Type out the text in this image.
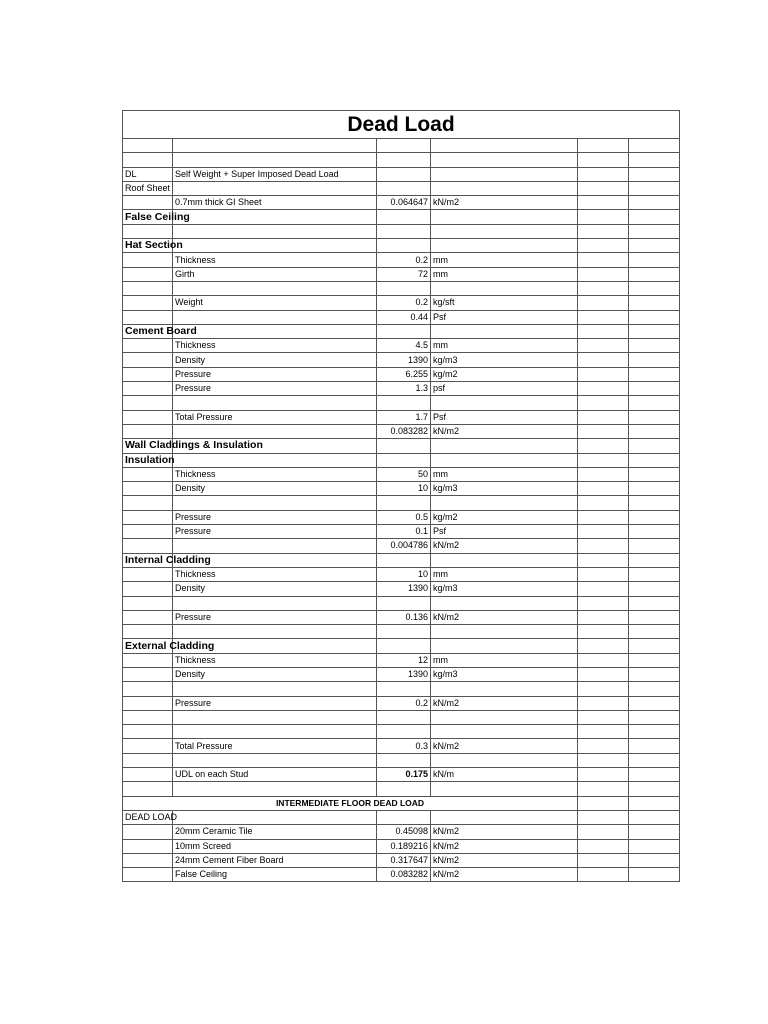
Dead Load					

DL	Self Weight + Super Imposed Dead Load				
Roof Sheet					
	0.7mm thick GI Sheet	0.064647	kN/m2		
False Ceiling					

Hat Section					
	Thickness	0.2	mm		
	Girth	72	mm		

	Weight	0.2	kg/sft		
		0.44	Psf		
Cement Board					
	Thickness	4.5	mm		
	Density	1390	kg/m3		
	Pressure	6.255	kg/m2		
	Pressure	1.3	psf		

	Total Pressure	1.7	Psf		
		0.083282	kN/m2		
Wall Claddings & Insulation					
Insulation					
	Thickness	50	mm		
	Density	10	kg/m3		

	Pressure	0.5	kg/m2		
	Pressure	0.1	Psf		
		0.004786	kN/m2		
Internal Cladding					
	Thickness	10	mm		
	Density	1390	kg/m3		

	Pressure	0.136	kN/m2		

External Cladding					
	Thickness	12	mm		
	Density	1390	kg/m3		

	Pressure	0.2	kN/m2		

	Total Pressure	0.3	kN/m2		

	UDL on each Stud	0.175	kN/m		

INTERMEDIATE FLOOR DEAD LOAD					
DEAD LOAD					
	20mm Ceramic Tile	0.45098	kN/m2		
	10mm Screed	0.189216	kN/m2		
	24mm Cement Fiber Board	0.317647	kN/m2		
	False Ceiling	0.083282	kN/m2		
